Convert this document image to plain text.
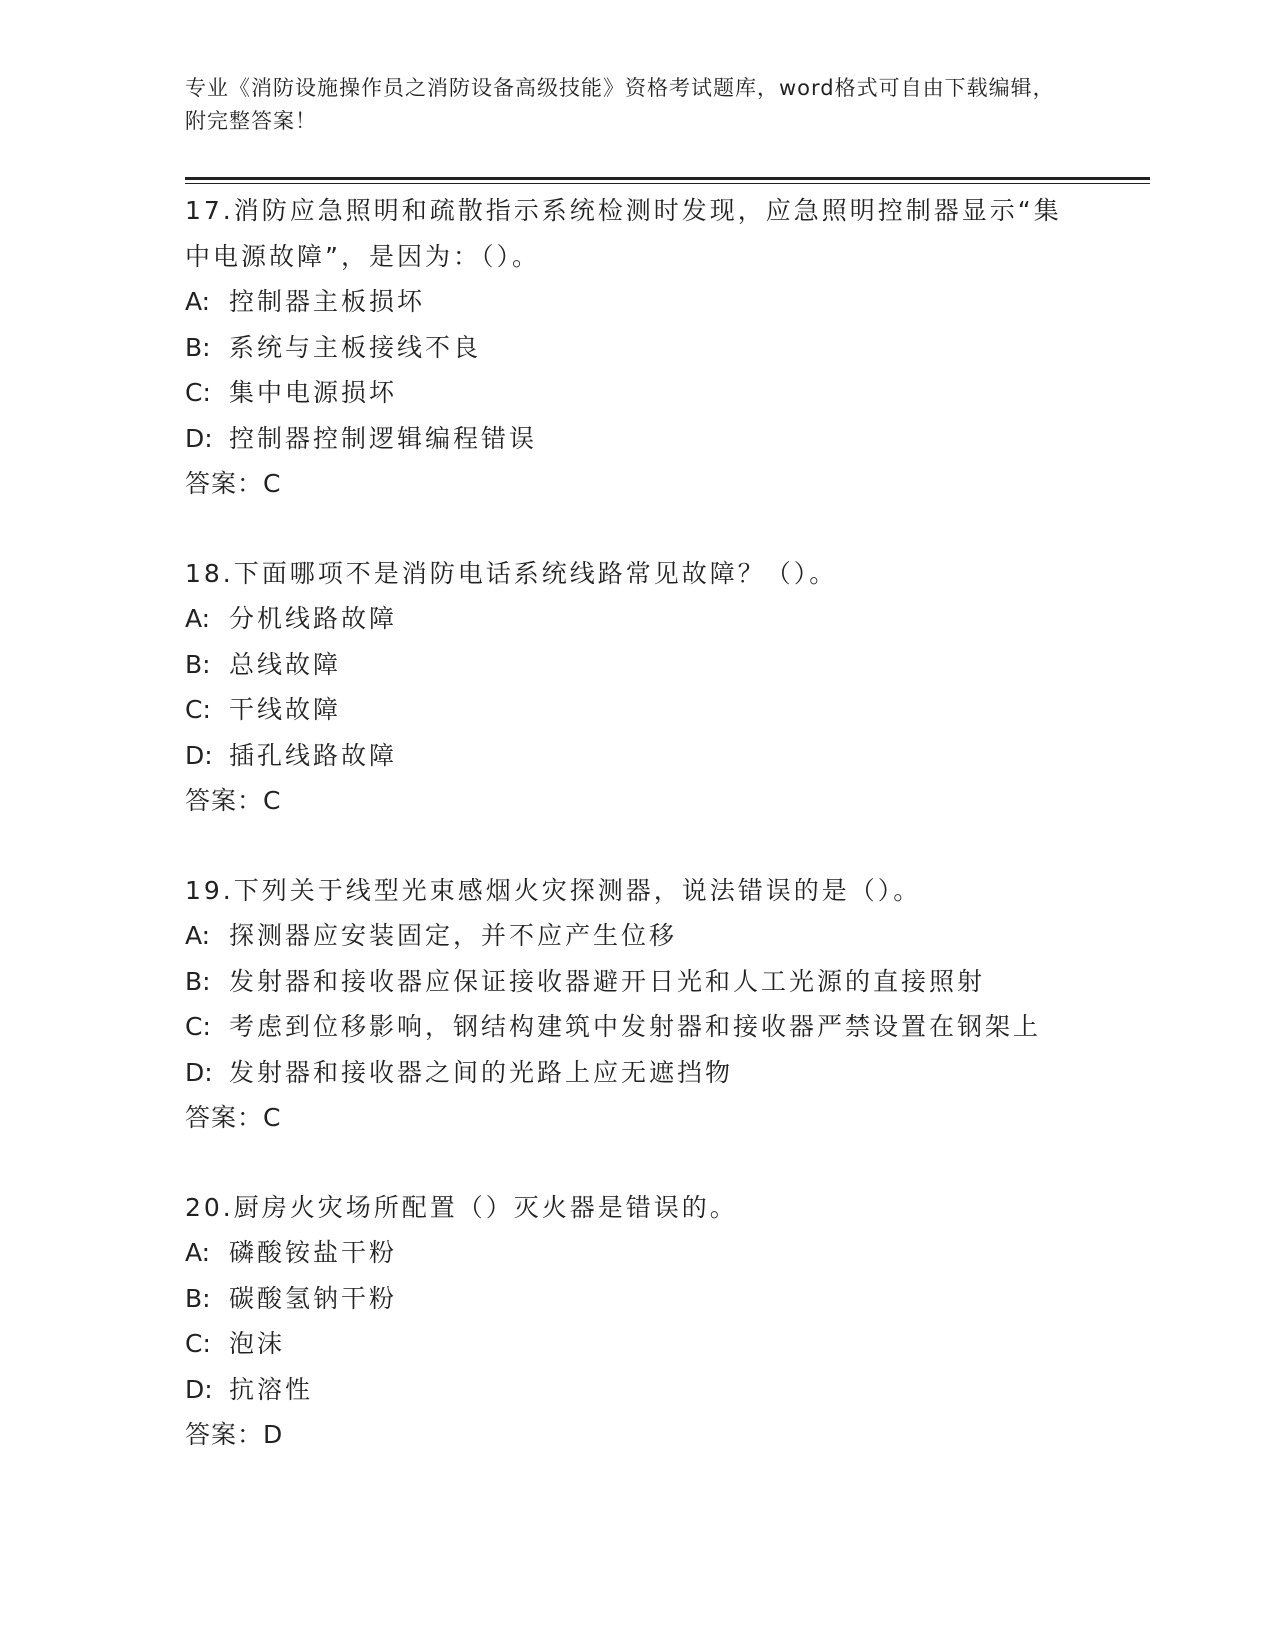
专业《消防设施操作员之消防设备高级技能》资格考试题库，word格式可自由下载编辑，附完整答案！
17.消防应急照明和疏散指示系统检测时发现，应急照明控制器显示“集中电源故障”，是因为：（）。
A: 控制器主板损坏
B: 系统与主板接线不良
C: 集中电源损坏
D: 控制器控制逻辑编程错误
答案：C
18.下面哪项不是消防电话系统线路常见故障？（）。
A: 分机线路故障
B: 总线故障
C: 干线故障
D: 插孔线路故障
答案：C
19.下列关于线型光束感烟火灾探测器，说法错误的是（）。
A: 探测器应安装固定，并不应产生位移
B: 发射器和接收器应保证接收器避开日光和人工光源的直接照射
C: 考虑到位移影响，钢结构建筑中发射器和接收器严禁设置在钢架上
D: 发射器和接收器之间的光路上应无遮挡物
答案：C
20.厨房火灾场所配置（）灭火器是错误的。
A: 磷酸铵盐干粉
B: 碳酸氢钠干粉
C: 泡沫
D: 抗溶性
答案：D
